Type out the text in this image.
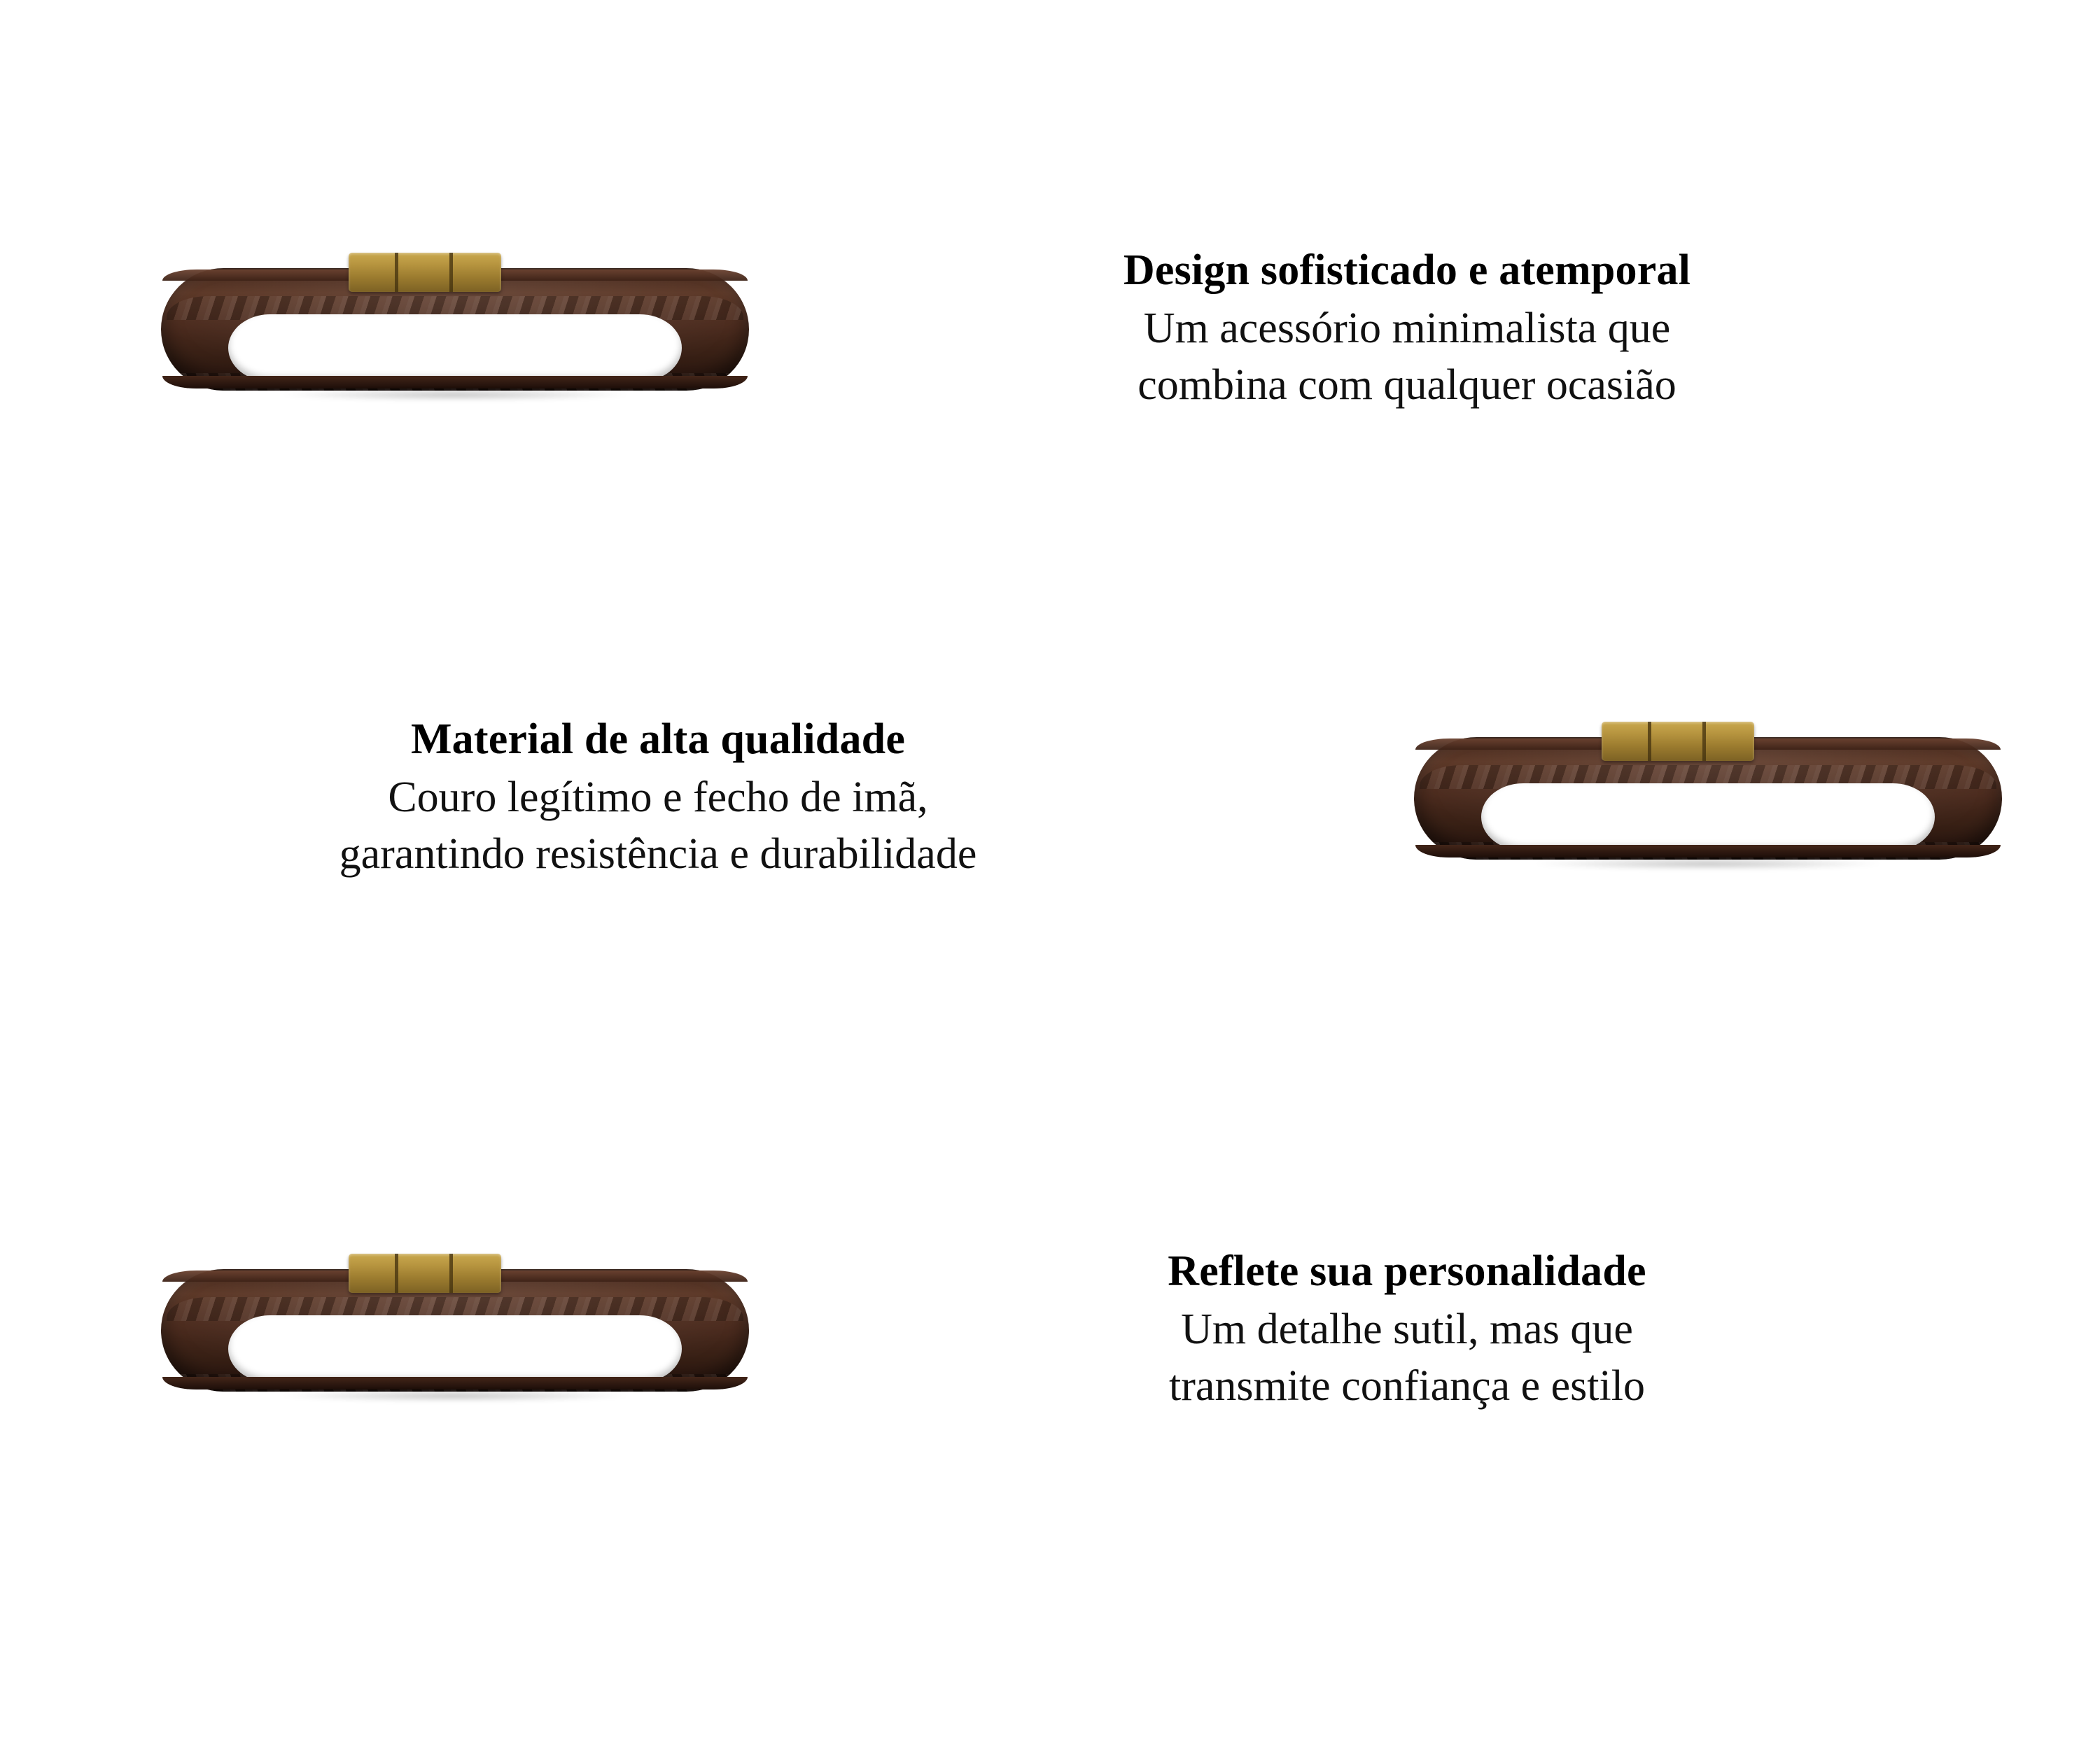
Design sofisticado e atemporal

Um acessório minimalista que
combina com qualquer ocasião

Material de alta qualidade

Couro legítimo e fecho de imã,
garantindo resistência e durabilidade

Reflete sua personalidade

Um detalhe sutil, mas que
transmite confiança e estilo
